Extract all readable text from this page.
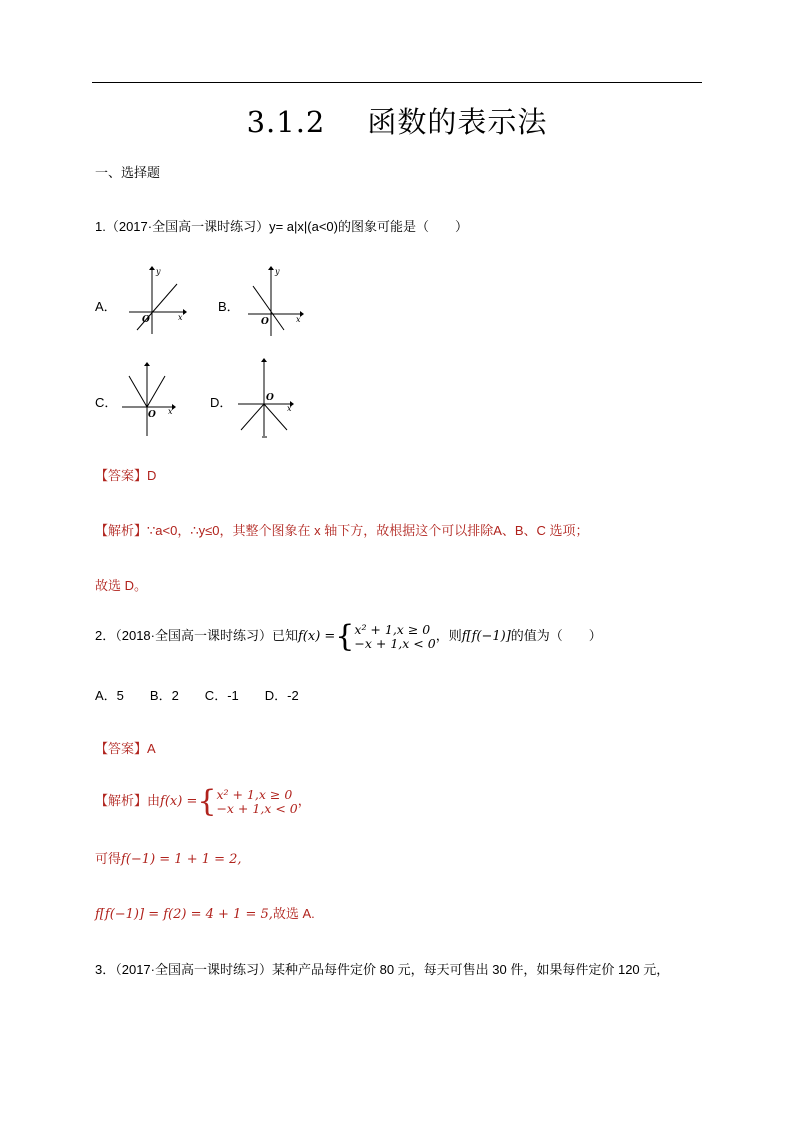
3.1.2 函数的表示法
一、选择题
1.（2017·全国高一课时练习）y= a|x|(a<0)的图象可能是（　　）
A．
y
x
O
B．
y
x
O
C．
x
O
D．	x
O
【答案】D
【解析】∵a<0，∴y≤0，其整个图象在 x 轴下方，故根据这个可以排除A、B、C 选项；
故选 D。
2．（2018·全国高一课时练习）已知f(x) ={x² + 1,x ≥ 0
−x + 1,x < 0，则f[f(−1)]的值为（　　）
A．5　　B．2　　C．-1　　D．-2
【答案】A
【解析】由f(x) ={x² + 1,x ≥ 0
−x + 1,x < 0，
可得f(−1) = 1 + 1 = 2,
f[f(−1)] = f(2) = 4 + 1 = 5,故选 A.
3．（2017·全国高一课时练习）某种产品每件定价 80 元，每天可售出 30 件，如果每件定价 120 元，
